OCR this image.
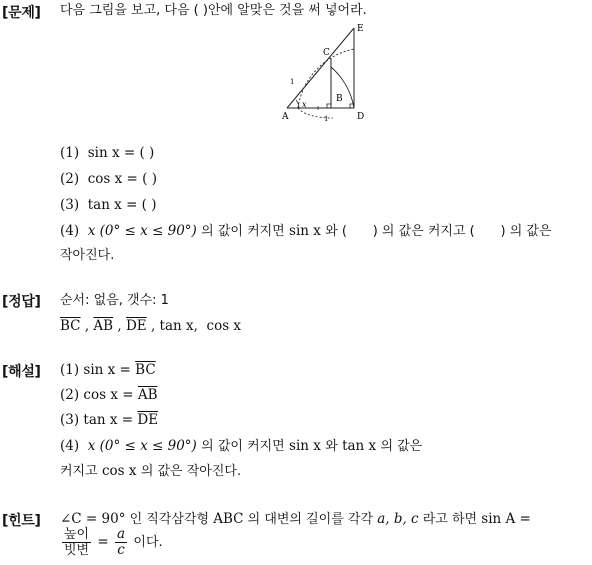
[문제] 다음 그림을 보고, 다음 ( )안에 알맞은 것을 써 넣어라.
A
C
B
D
E
x
1
1
(1) sin x = ( )
(2) cos x = ( )
(3) tan x = ( )
(4) x (0° ≤ x ≤ 90°) 의 값이 커지면 sin x 와 ( ) 의 값은 커지고 ( ) 의 값은
작아진다.
[정답] 순서: 없음, 갯수: 1
$\overline{BC}$ , $\overline{AB}$ , $\overline{DE}$ , tan x, cos x
[해설] (1) $\sin x = \overline{BC}$
(2) $\cos x = \overline{AB}$
(3) $\tan x = \overline{DE}$
(4) x (0° ≤ x ≤ 90°) 의 값이 커지면 sin x 와 tan x 의 값은
커지고 cos x 의 값은 작아진다.
[힌트] ∠C = 90° 인 직각삼각형 ABC 의 대변의 길이를 각각 a, b, c 라고 하면 sin A =
$\frac{\text{높이}}{\text{빗변}} = \frac{a}{c}$ 이다.
